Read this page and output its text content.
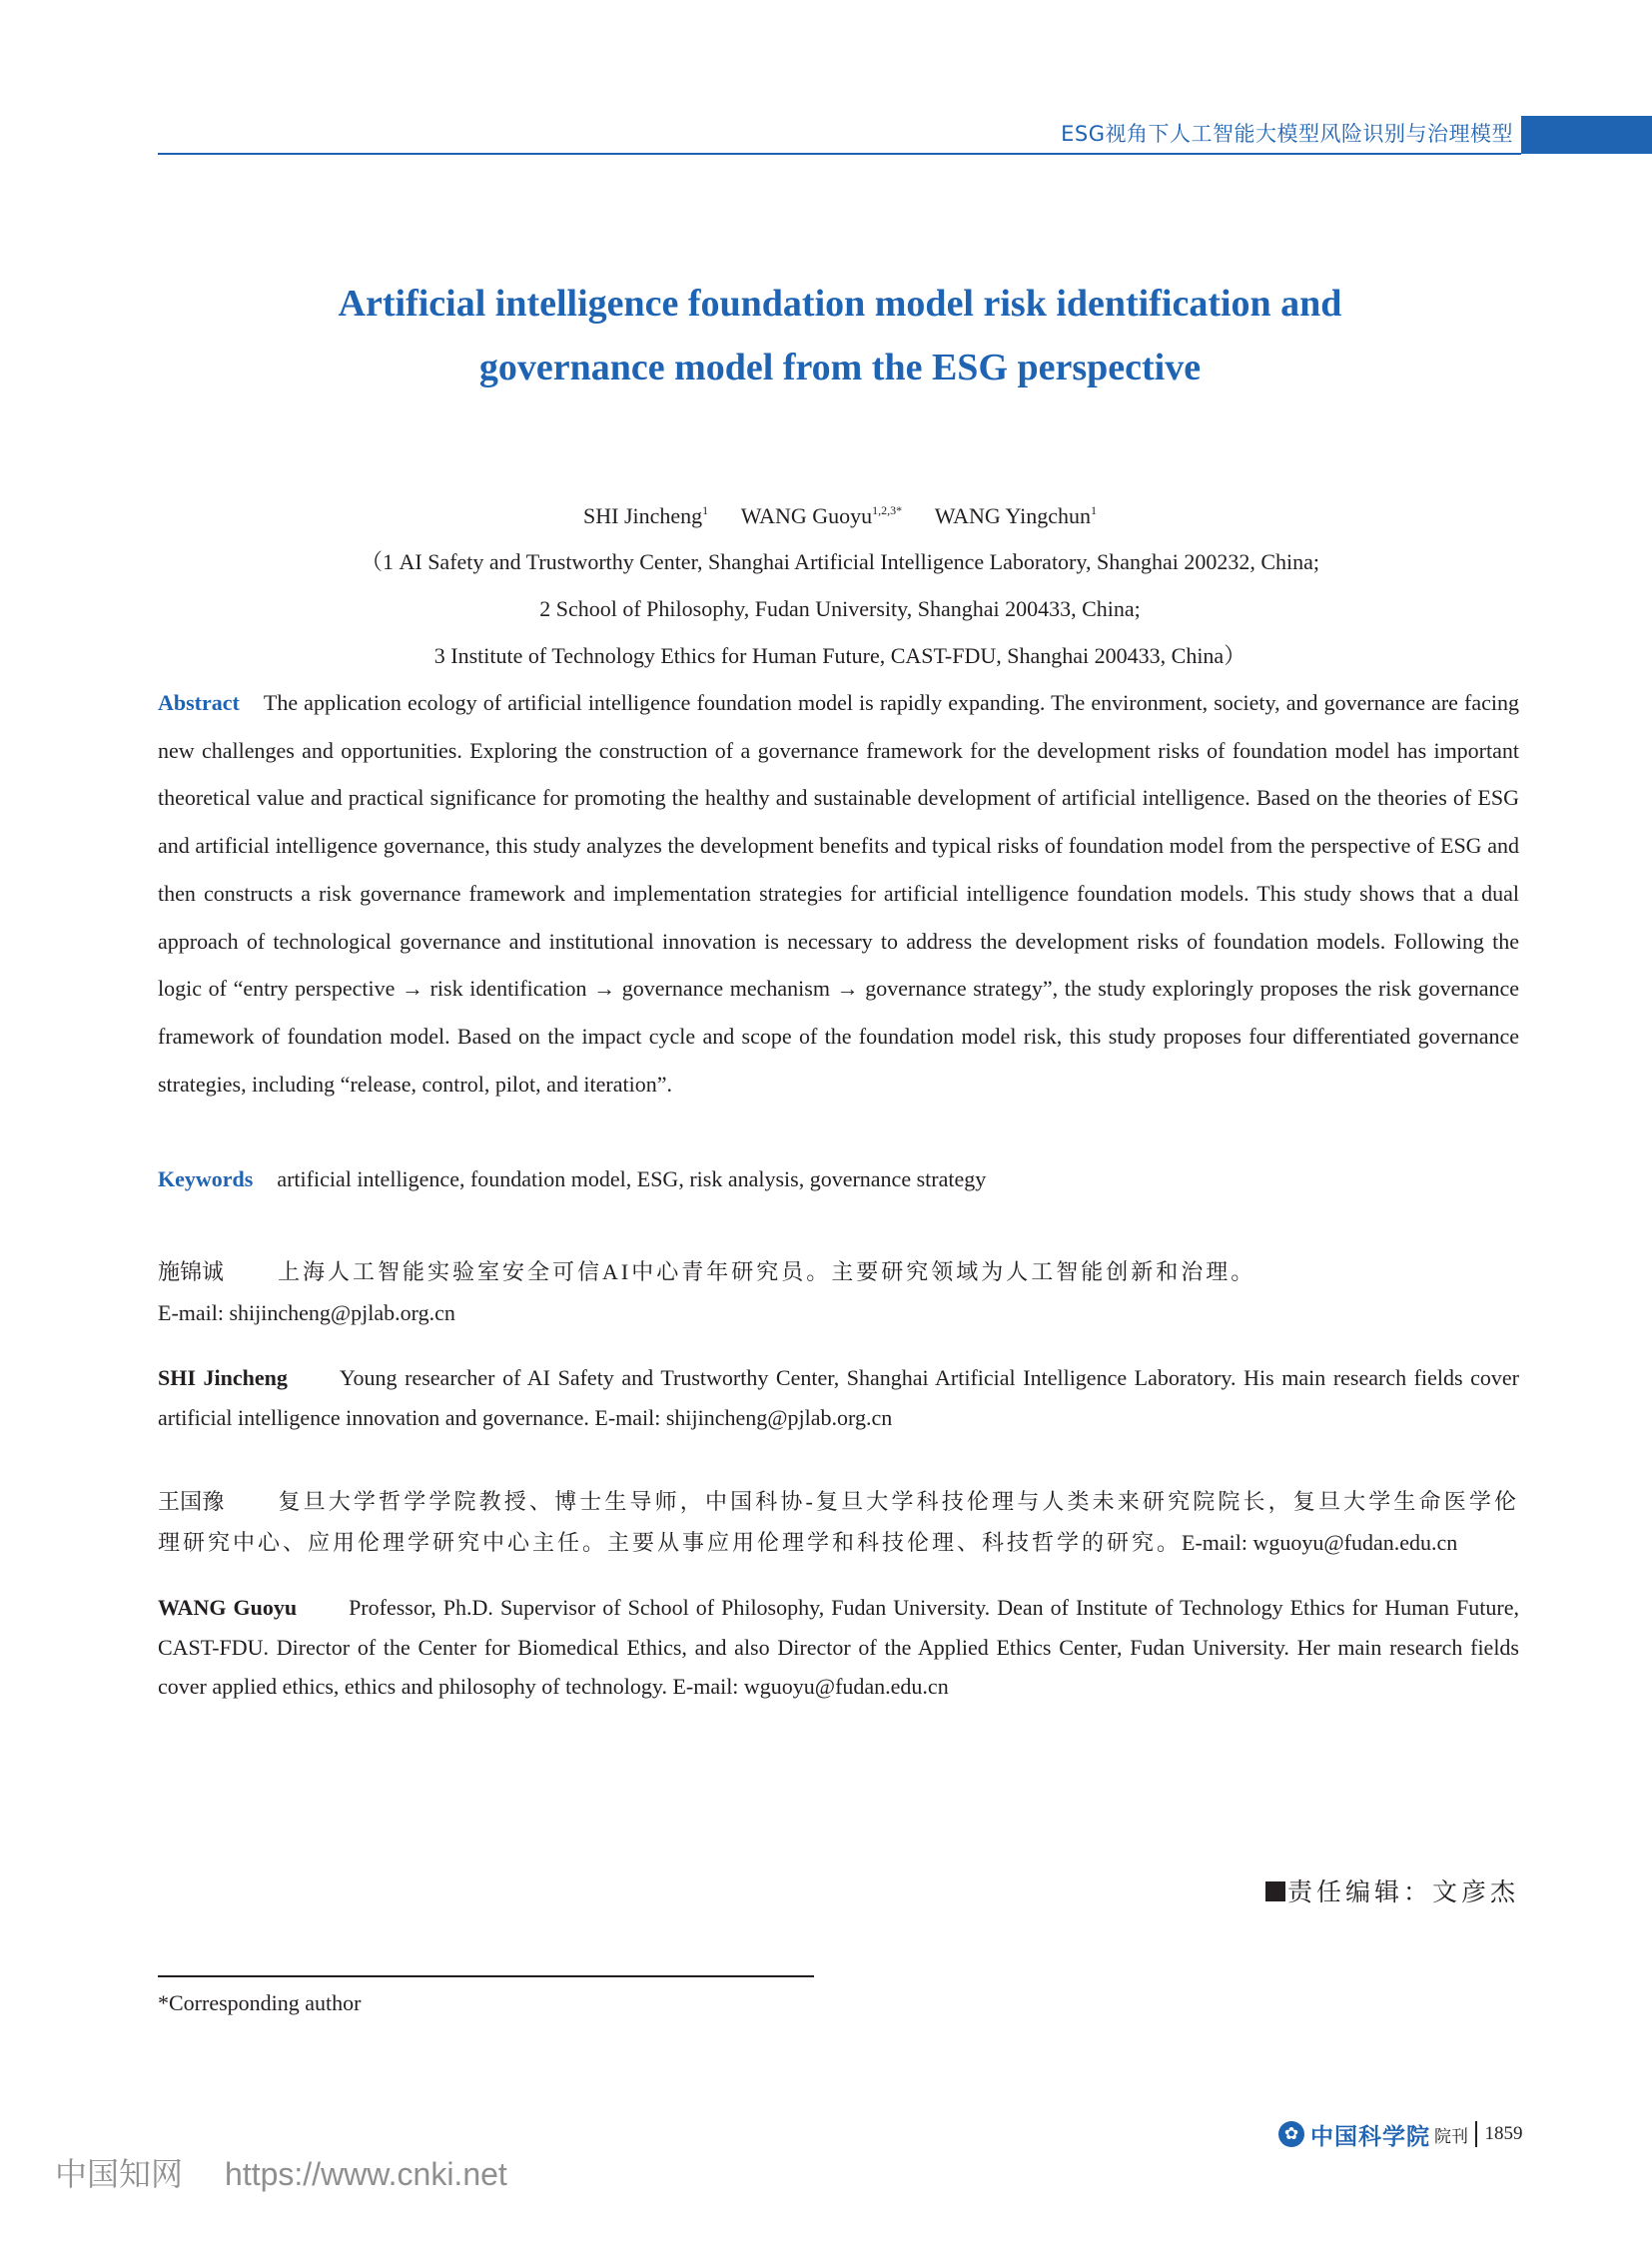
ESG视角下人工智能大模型风险识别与治理模型
Artificial intelligence foundation model risk identification and
governance model from the ESG perspective
SHI Jincheng$^1$ WANG Guoyu$^{1,2,3*}$ WANG Yingchun$^1$
（1 AI Safety and Trustworthy Center, Shanghai Artificial Intelligence Laboratory, Shanghai 200232, China;
2 School of Philosophy, Fudan University, Shanghai 200433, China;
3 Institute of Technology Ethics for Human Future, CAST-FDU, Shanghai 200433, China）
Abstract The application ecology of artificial intelligence foundation model is rapidly expanding. The environment, society, and governance are facing new challenges and opportunities. Exploring the construction of a governance framework for the development risks of foundation model has important theoretical value and practical significance for promoting the healthy and sustainable development of artificial intelligence. Based on the theories of ESG and artificial intelligence governance, this study analyzes the development benefits and typical risks of foundation model from the perspective of ESG and then constructs a risk governance framework and implementation strategies for artificial intelligence foundation models. This study shows that a dual approach of technological governance and institutional innovation is necessary to address the development risks of foundation models. Following the logic of “entry perspective → risk identification → governance mechanism → governance strategy”, the study exploringly proposes the risk governance framework of foundation model. Based on the impact cycle and scope of the foundation model risk, this study proposes four differentiated governance strategies, including “release, control, pilot, and iteration”.
Keywords artificial intelligence, foundation model, ESG, risk analysis, governance strategy
施锦诚 上海人工智能实验室安全可信AI中心青年研究员。主要研究领域为人工智能创新和治理。
E-mail: shijincheng@pjlab.org.cn
SHI Jincheng Young researcher of AI Safety and Trustworthy Center, Shanghai Artificial Intelligence Laboratory. His main research fields cover artificial intelligence innovation and governance. E-mail: shijincheng@pjlab.org.cn
王国豫 复旦大学哲学学院教授、博士生导师，中国科协-复旦大学科技伦理与人类未来研究院院长，复旦大学生命医学伦理研究中心、应用伦理学研究中心主任。主要从事应用伦理学和科技伦理、科技哲学的研究。E-mail: wguoyu@fudan.edu.cn
WANG Guoyu Professor, Ph.D. Supervisor of School of Philosophy, Fudan University. Dean of Institute of Technology Ethics for Human Future, CAST-FDU. Director of the Center for Biomedical Ethics, and also Director of the Applied Ethics Center, Fudan University. Her main research fields cover applied ethics, ethics and philosophy of technology. E-mail: wguoyu@fudan.edu.cn
责任编辑：文彦杰
*Corresponding author
✿ 中国科学院 院刊 1859
中国知网 https://www.cnki.net
